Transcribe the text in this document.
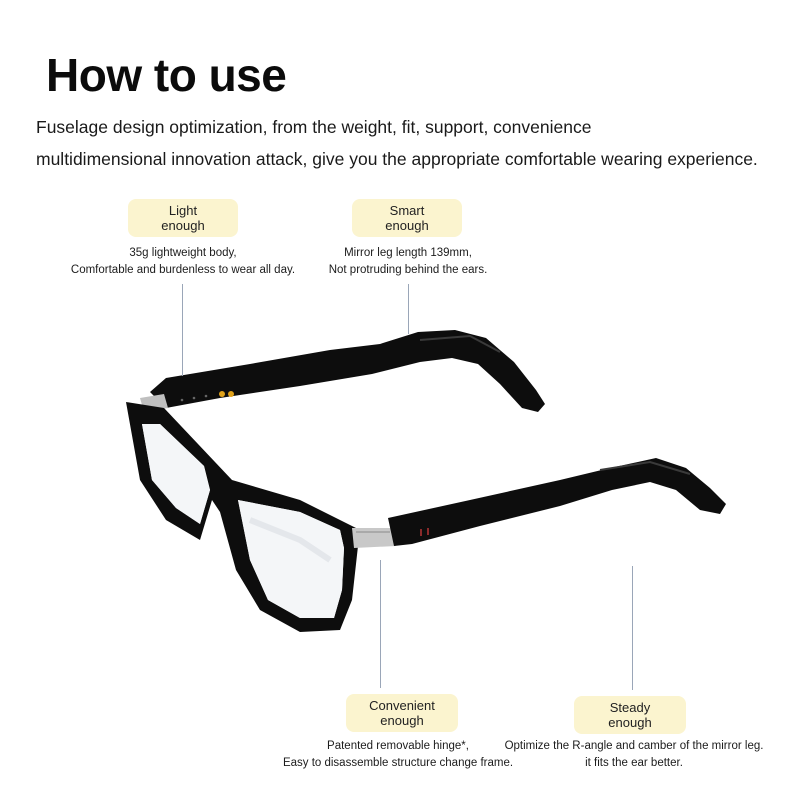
How to use
Fuselage design optimization, from the weight, fit, support, convenience
multidimensional innovation attack, give you the appropriate comfortable wearing experience.
Light
enough
35g lightweight body,
Comfortable and burdenless to wear all day.
Smart
enough
Mirror leg length 139mm,
Not protruding behind the ears.
Convenient
enough
Patented removable hinge*,
Easy to disassemble structure change frame.
Steady
enough
Optimize the R-angle and camber of the mirror leg.
it fits the ear better.
